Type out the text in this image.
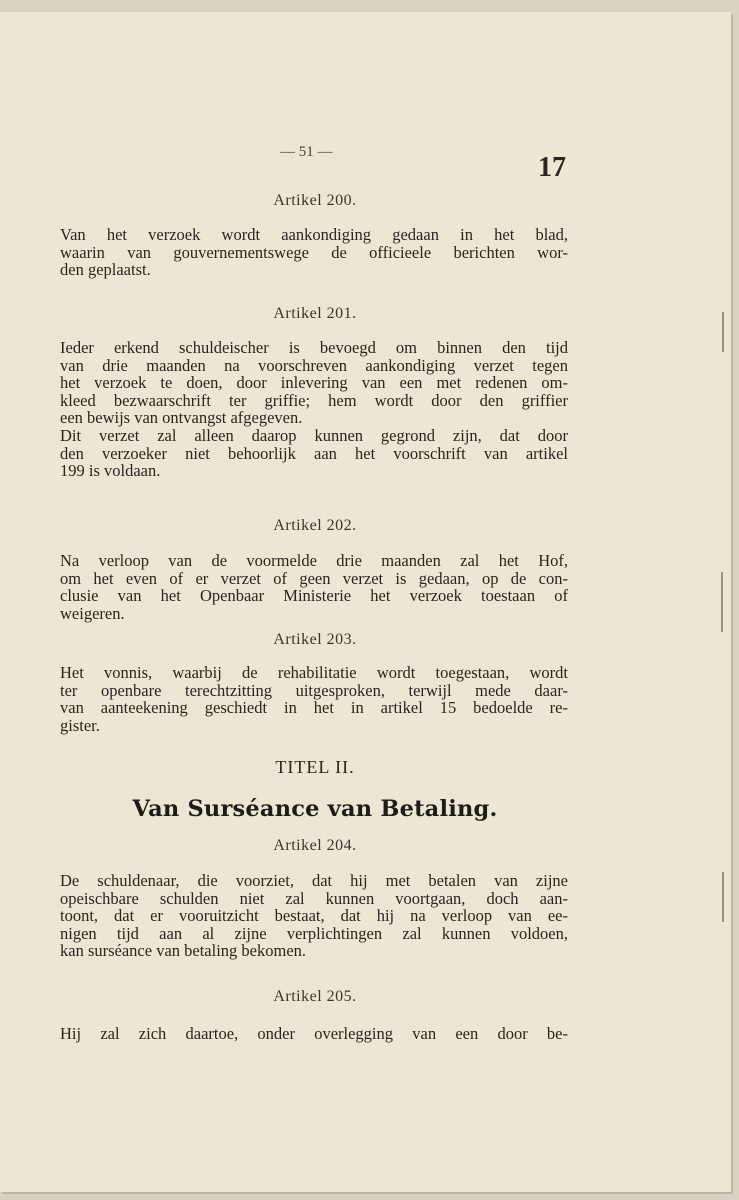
— 51 —	17
Artikel 200.
Van het verzoek wordt aankondiging gedaan in het blad,
waarin van gouvernementswege de officieele berichten wor-
den geplaatst.
Artikel 201.
Ieder erkend schuldeischer is bevoegd om binnen den tijd
van drie maanden na voorschreven aankondiging verzet tegen
het verzoek te doen, door inlevering van een met redenen om-
kleed bezwaarschrift ter griffie; hem wordt door den griffier
een bewijs van ontvangst afgegeven.
Dit verzet zal alleen daarop kunnen gegrond zijn, dat door
den verzoeker niet behoorlijk aan het voorschrift van artikel
199 is voldaan.
Artikel 202.
Na verloop van de voormelde drie maanden zal het Hof,
om het even of er verzet of geen verzet is gedaan, op de con-
clusie van het Openbaar Ministerie het verzoek toestaan of
weigeren.
Artikel 203.
Het vonnis, waarbij de rehabilitatie wordt toegestaan, wordt
ter openbare terechtzitting uitgesproken, terwijl mede daar-
van aanteekening geschiedt in het in artikel 15 bedoelde re-
gister.
TITEL II.
Van Surséance van Betaling.
Artikel 204.
De schuldenaar, die voorziet, dat hij met betalen van zijne
opeischbare schulden niet zal kunnen voortgaan, doch aan-
toont, dat er vooruitzicht bestaat, dat hij na verloop van ee-
nigen tijd aan al zijne verplichtingen zal kunnen voldoen,
kan surséance van betaling bekomen.
Artikel 205.
Hij zal zich daartoe, onder overlegging van een door be-
